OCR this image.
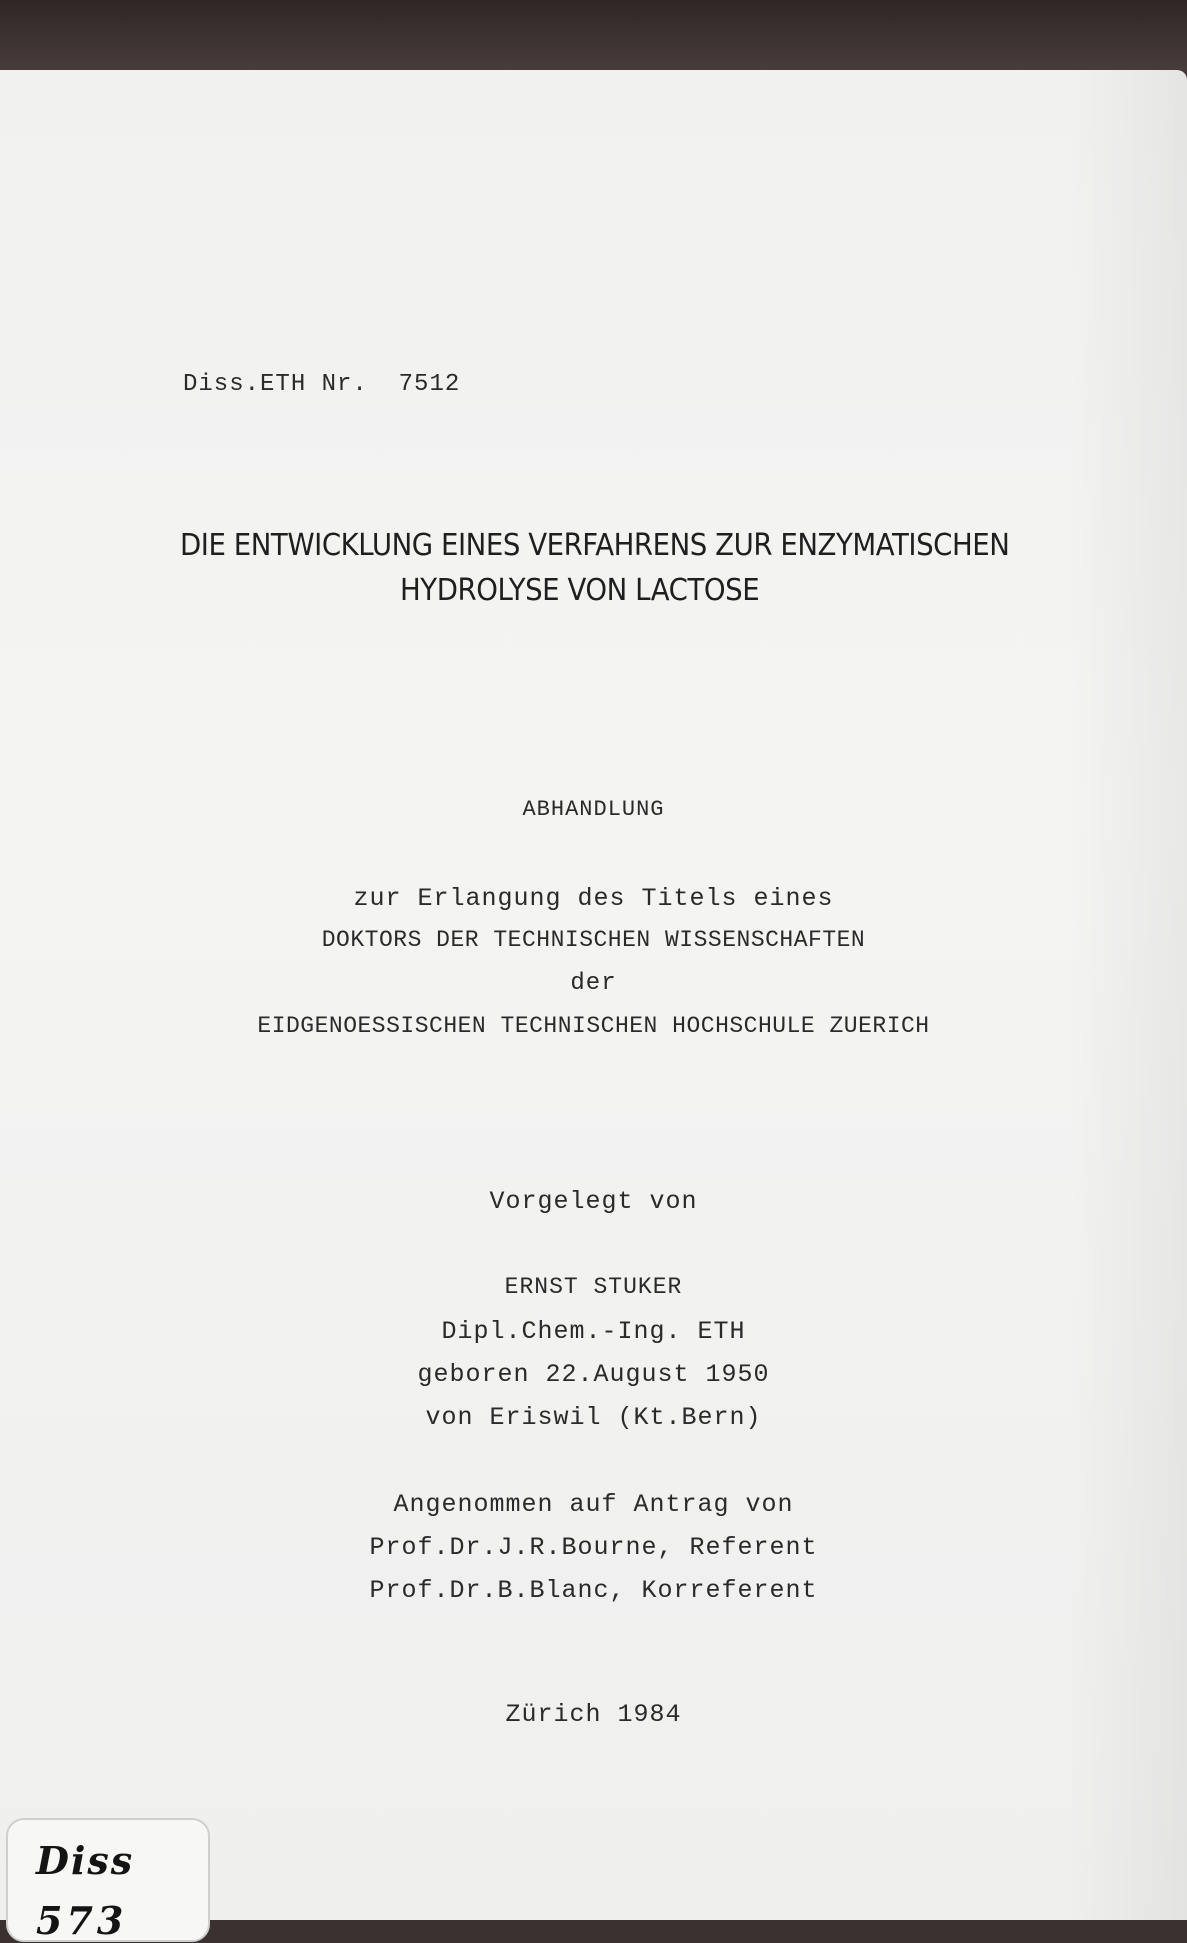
Diss.ETH Nr.  7512
DIE ENTWICKLUNG EINES VERFAHRENS ZUR ENZYMATISCHEN
HYDROLYSE VON LACTOSE
ABHANDLUNG
zur Erlangung des Titels eines
DOKTORS DER TECHNISCHEN WISSENSCHAFTEN
der
EIDGENOESSISCHEN TECHNISCHEN HOCHSCHULE ZUERICH
Vorgelegt von
ERNST STUKER
Dipl.Chem.-Ing. ETH
geboren 22.August 1950
von Eriswil (Kt.Bern)
Angenommen auf Antrag von
Prof.Dr.J.R.Bourne, Referent
Prof.Dr.B.Blanc, Korreferent
Zürich 1984
Diss
573
